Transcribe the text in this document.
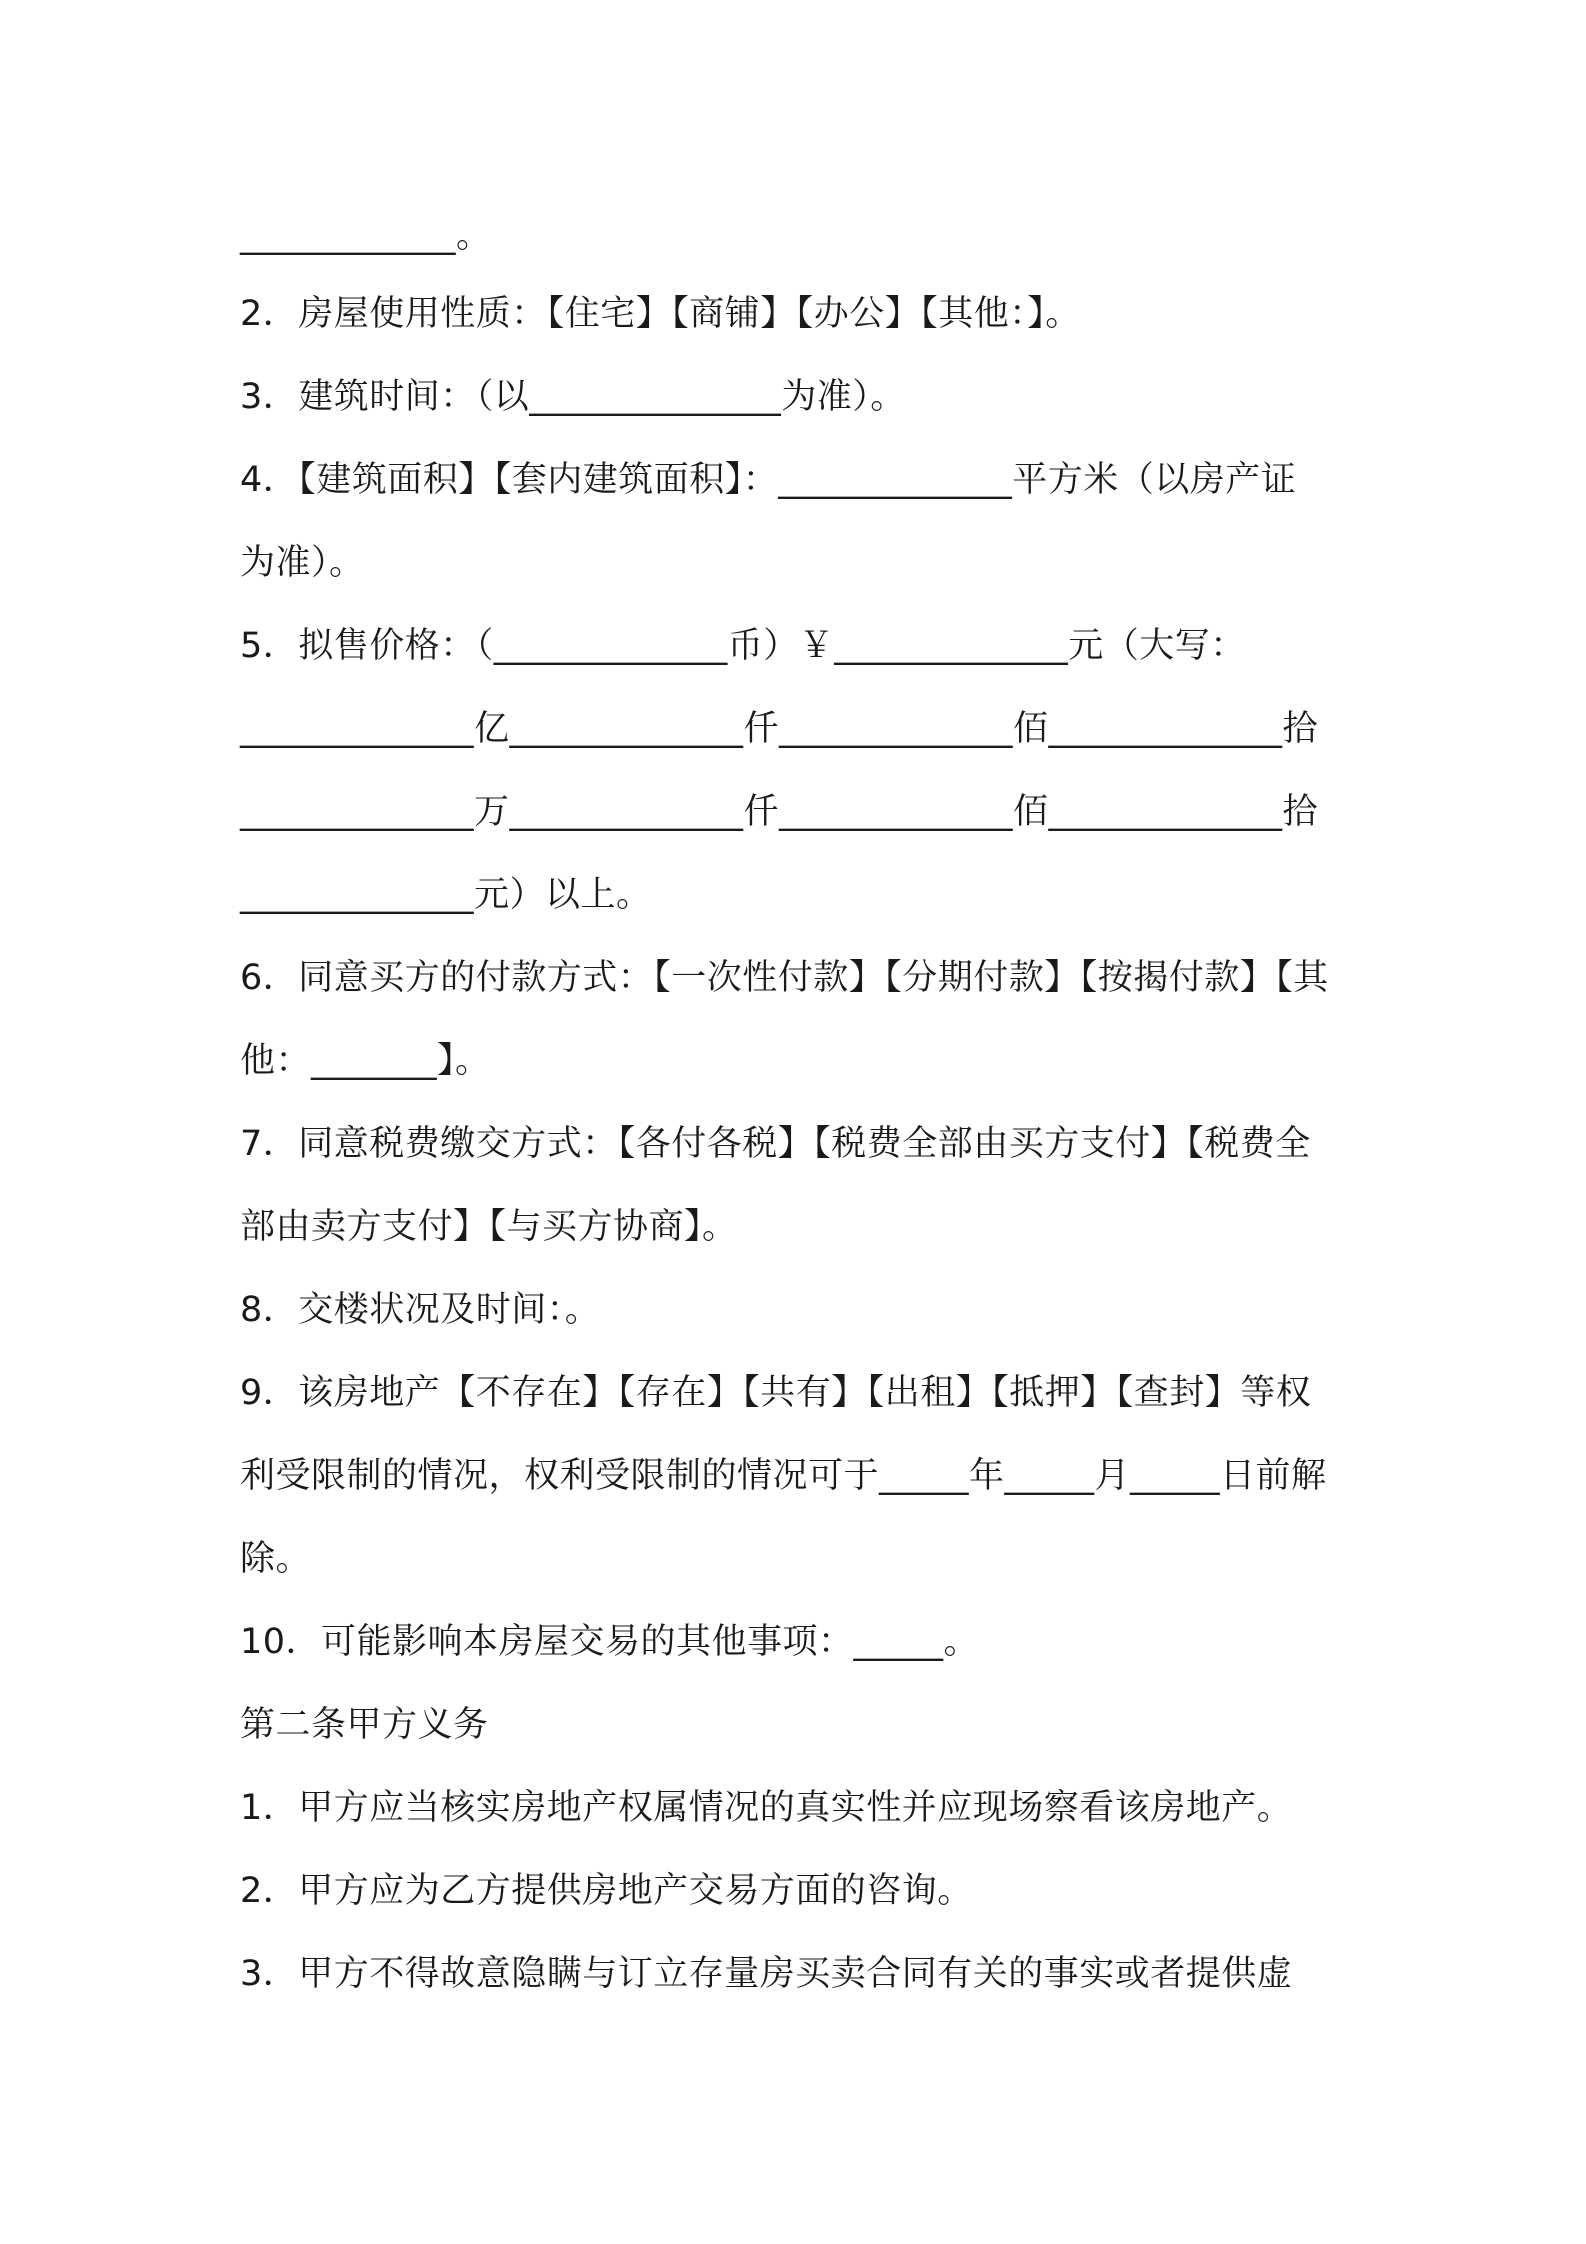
____________。
2．房屋使用性质：【住宅】【商铺】【办公】【其他：】。
3．建筑时间：（以______________为准）。
4．【建筑面积】【套内建筑面积】：_____________平方米（以房产证
为准）。
5．拟售价格：（_____________币）￥_____________元（大写：
_____________亿_____________仟_____________佰_____________拾
_____________万_____________仟_____________佰_____________拾
_____________元）以上。
6．同意买方的付款方式：【一次性付款】【分期付款】【按揭付款】【其
他：_______】。
7．同意税费缴交方式：【各付各税】【税费全部由买方支付】【税费全
部由卖方支付】【与买方协商】。
8．交楼状况及时间：。
9．该房地产【不存在】【存在】【共有】【出租】【抵押】【查封】等权
利受限制的情况，权利受限制的情况可于_____年_____月_____日前解
除。
10．可能影响本房屋交易的其他事项：_____。
第二条甲方义务
1．甲方应当核实房地产权属情况的真实性并应现场察看该房地产。
2．甲方应为乙方提供房地产交易方面的咨询。
3．甲方不得故意隐瞒与订立存量房买卖合同有关的事实或者提供虚
